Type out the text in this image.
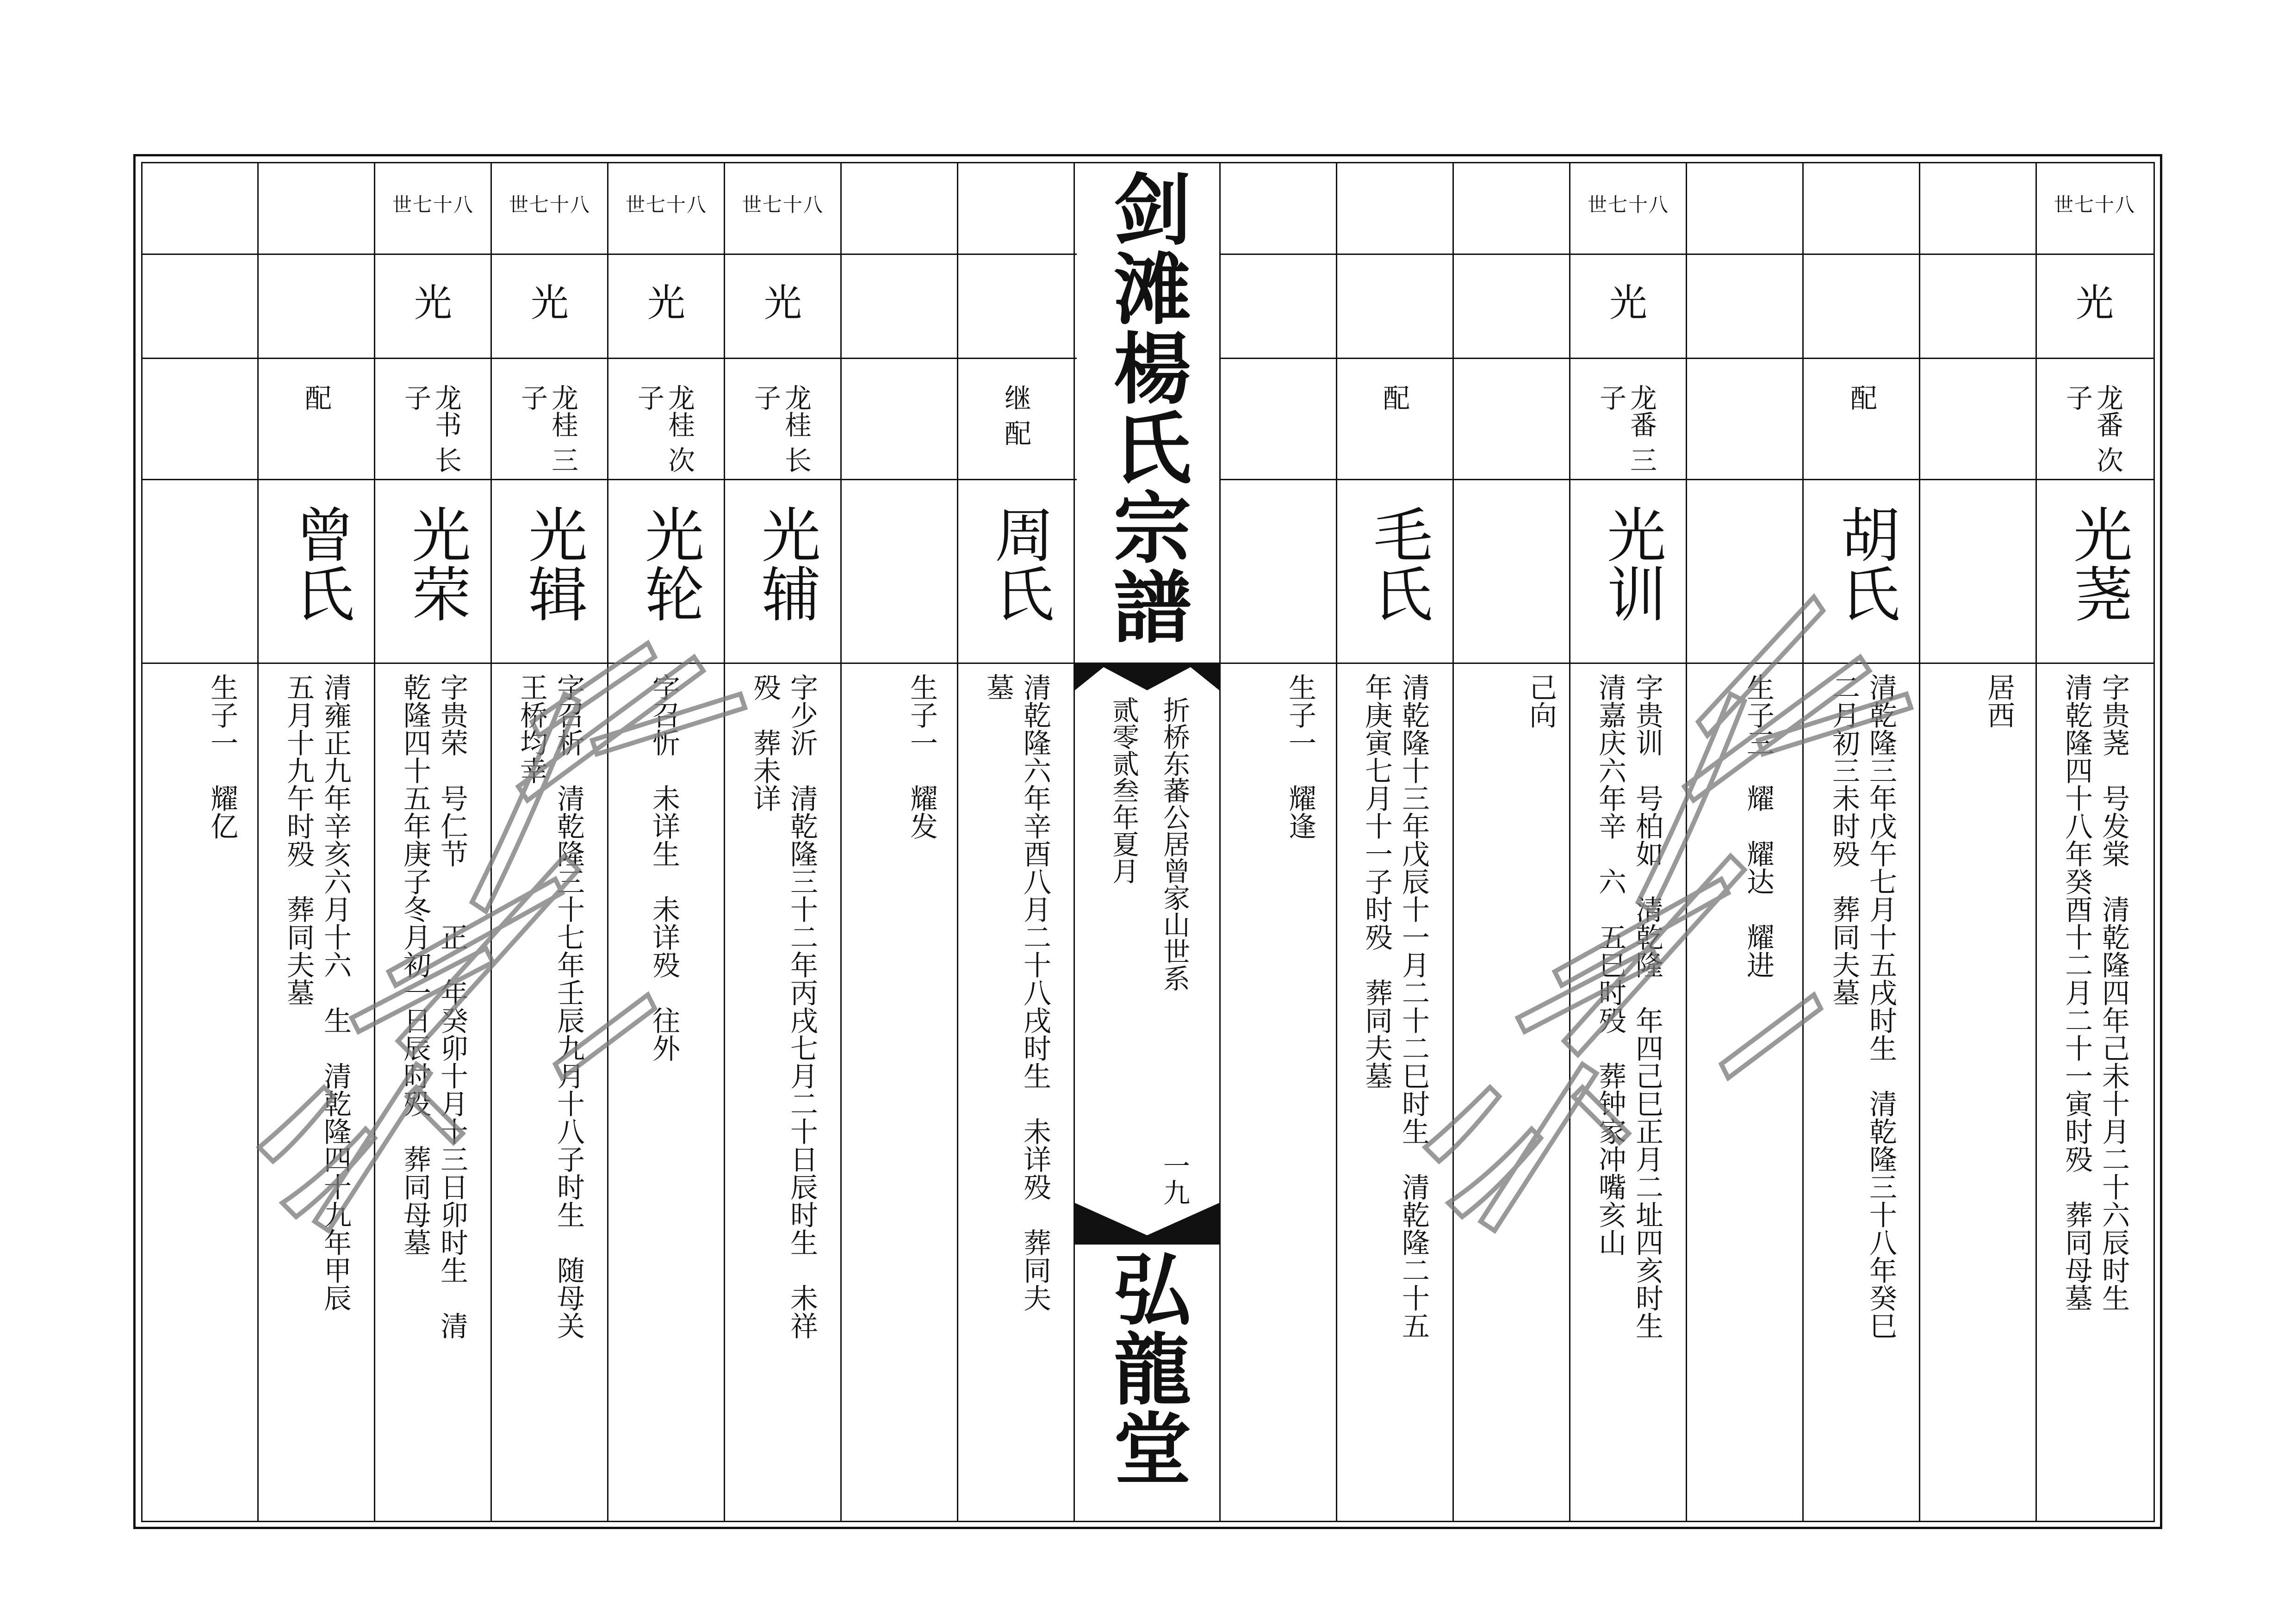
剑滩楊氏宗譜
弘龍堂
折桥东蕃公居曾家山世系
贰零贰叁年夏月
一九
生子一　耀亿
配
曾氏
清雍正九年辛亥六月十六　生　清乾隆四十九年甲辰
五月十九午时殁　葬同夫墓
世七十八
光
龙书 长子
光荣
字贵荣　号仁节　　正　年癸卯十月十三日卯时生　清
乾隆四十五年庚子冬月初一日辰时殁　葬同母墓
世七十八
光
龙桂 三子
光辑
字召析　清乾隆三十七年壬辰九月十八子时生　随母关
王桥均幸
世七十八
光
龙桂 次子
光轮
字召忻　未详生　未详殁　往外
世七十八
光
龙桂 长子
光辅
字少沂　清乾隆三十二年丙戌七月二十日辰时生　未祥
殁　葬未详	生子一　耀发
继 配
周氏
清乾隆六年辛酉八月二十八戌时生　未详殁　葬同夫
墓	生子一　耀逢
配
毛氏
清乾隆十三年戊辰十一月二十二巳时生　清乾隆二十五
年庚寅七月十一子时殁　葬同夫墓
己向
世七十八
光
龙番 三子
光训
字贵训　号柏如　清乾隆　年四己巳正月二址四亥时生
清嘉庆六年辛　六　五巳时殁　葬钟家冲嘴亥山
生子三　耀　耀达　耀进
配
胡氏
清乾隆三年戊午七月十五戌时生　清乾隆三十八年癸巳
二月初三未时殁　葬同夫墓
居西
世七十八
光
龙番 次子
光荛
字贵荛　号发棠　清乾隆四年己未十月二十六辰时生
清乾隆四十八年癸酉十二月二十一寅时殁　葬同母墓
